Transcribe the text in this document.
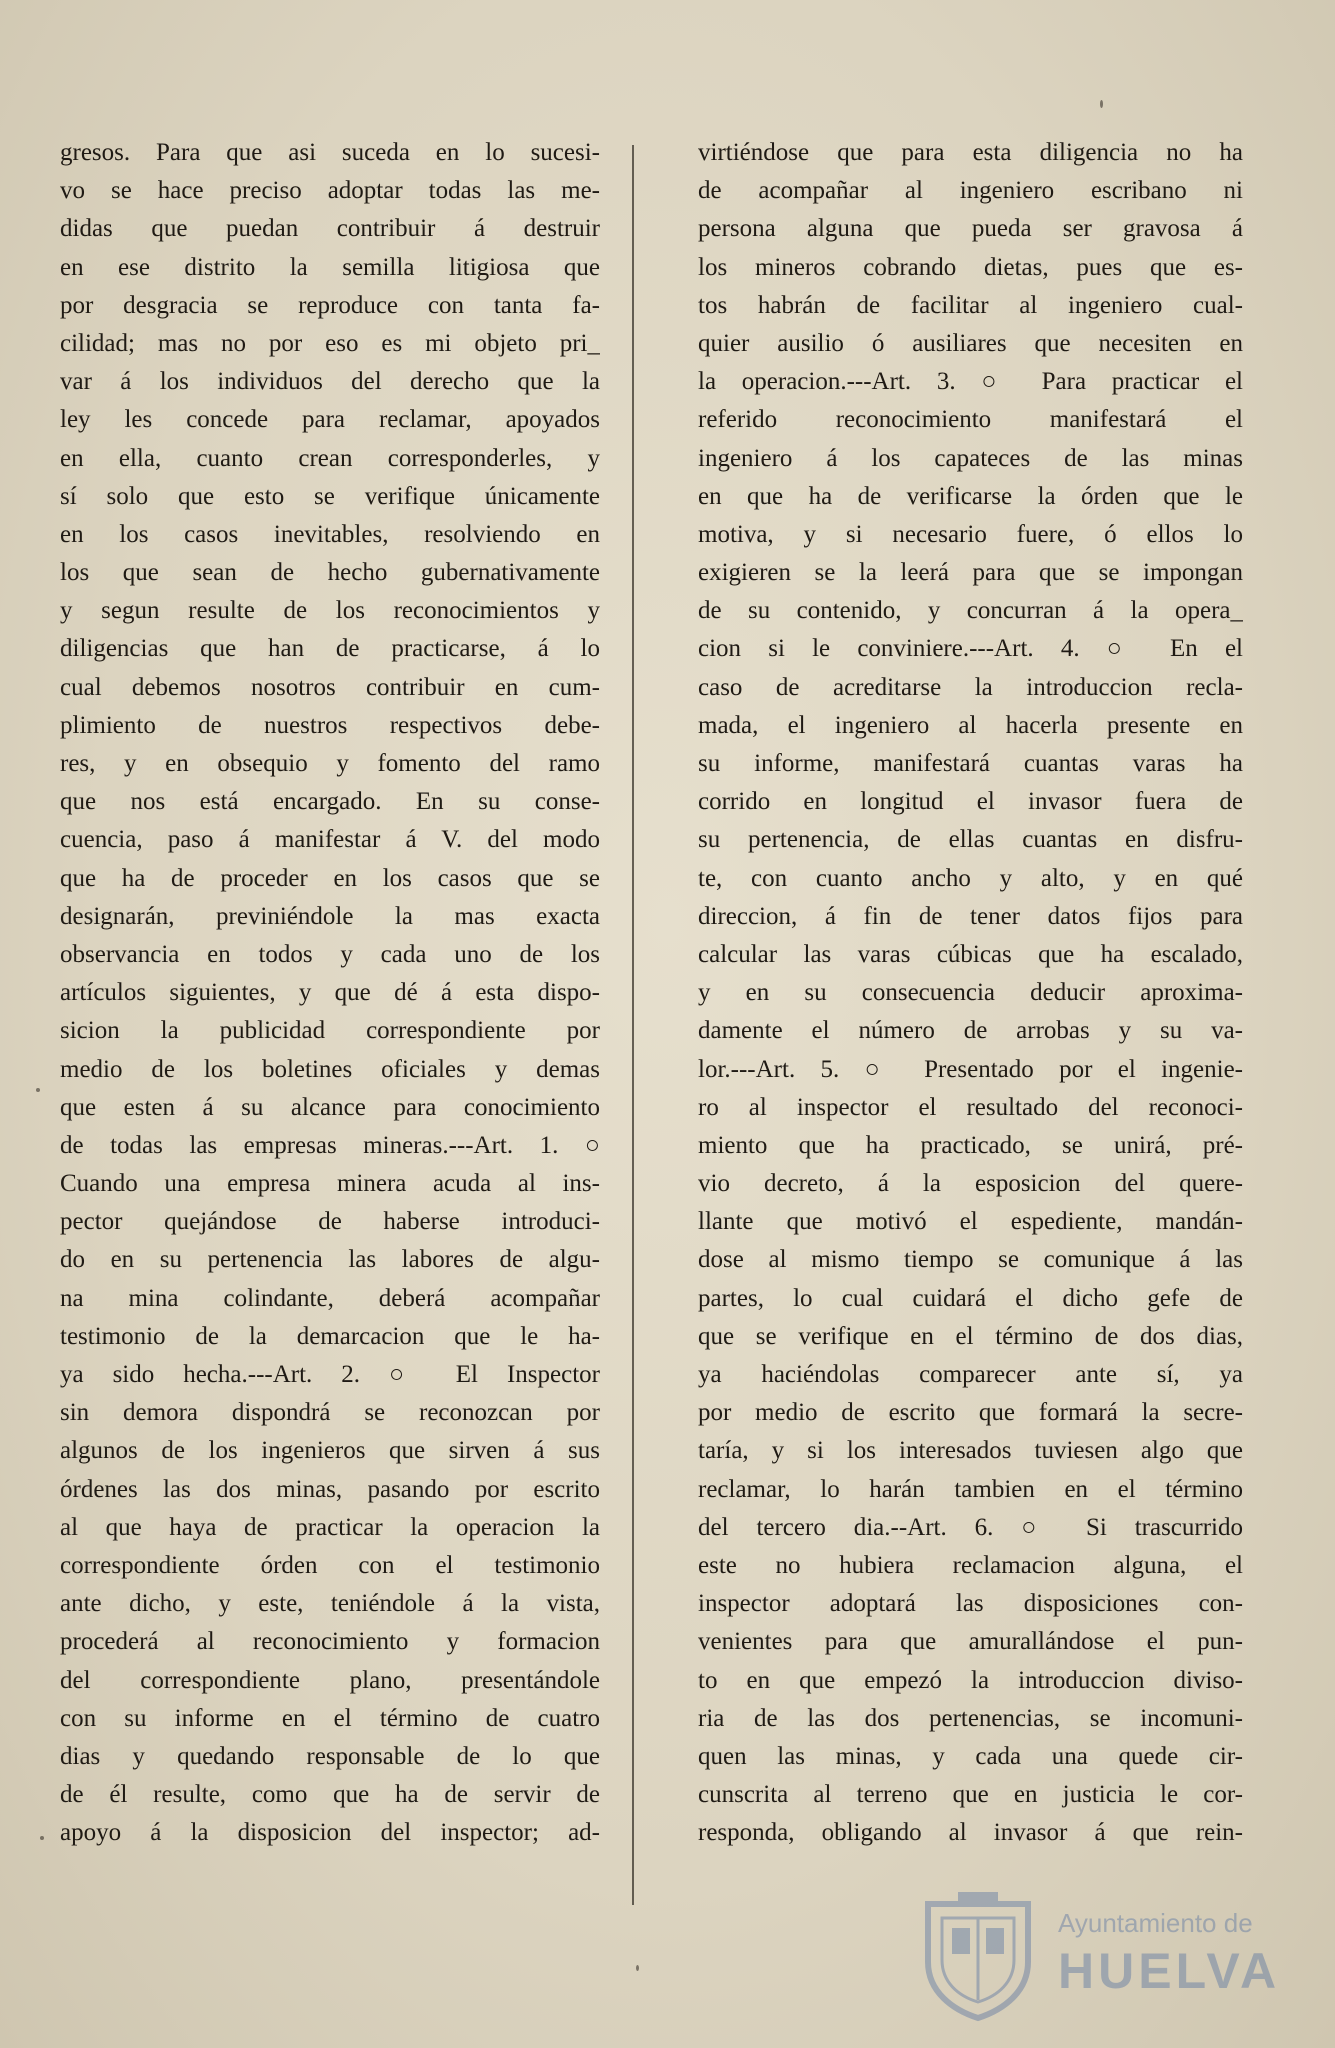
gresos. Para que asi suceda en lo sucesi-
vo se hace preciso adoptar todas las me-
didas que puedan contribuir á destruir
en ese distrito la semilla litigiosa que
por desgracia se reproduce con tanta fa-
cilidad; mas no por eso es mi objeto pri_
var á los individuos del derecho que la
ley les concede para reclamar, apoyados
en ella, cuanto crean corresponderles, y
sí solo que esto se verifique únicamente
en los casos inevitables, resolviendo en
los que sean de hecho gubernativamente
y segun resulte de los reconocimientos y
diligencias que han de practicarse, á lo
cual debemos nosotros contribuir en cum-
plimiento de nuestros respectivos debe-
res, y en obsequio y fomento del ramo
que nos está encargado. En su conse-
cuencia, paso á manifestar á V. del modo
que ha de proceder en los casos que se
designarán, previniéndole la mas exacta
observancia en todos y cada uno de los
artículos siguientes, y que dé á esta dispo-
sicion la publicidad correspondiente por
medio de los boletines oficiales y demas
que esten á su alcance para conocimiento
de todas las empresas mineras.---Art. 1. ○
Cuando una empresa minera acuda al ins-
pector quejándose de haberse introduci-
do en su pertenencia las labores de algu-
na mina colindante, deberá acompañar
testimonio de la demarcacion que le ha-
ya sido hecha.---Art. 2. ○ El Inspector
sin demora dispondrá se reconozcan por
algunos de los ingenieros que sirven á sus
órdenes las dos minas, pasando por escrito
al que haya de practicar la operacion la
correspondiente órden con el testimonio
ante dicho, y este, teniéndole á la vista,
procederá al reconocimiento y formacion
del correspondiente plano, presentándole
con su informe en el término de cuatro
dias y quedando responsable de lo que
de él resulte, como que ha de servir de
apoyo á la disposicion del inspector; ad-
virtiéndose que para esta diligencia no ha
de acompañar al ingeniero escribano ni
persona alguna que pueda ser gravosa á
los mineros cobrando dietas, pues que es-
tos habrán de facilitar al ingeniero cual-
quier ausilio ó ausiliares que necesiten en
la operacion.---Art. 3. ○ Para practicar el
referido reconocimiento manifestará el
ingeniero á los capateces de las minas
en que ha de verificarse la órden que le
motiva, y si necesario fuere, ó ellos lo
exigieren se la leerá para que se impongan
de su contenido, y concurran á la opera_
cion si le conviniere.---Art. 4. ○ En el
caso de acreditarse la introduccion recla-
mada, el ingeniero al hacerla presente en
su informe, manifestará cuantas varas ha
corrido en longitud el invasor fuera de
su pertenencia, de ellas cuantas en disfru-
te, con cuanto ancho y alto, y en qué
direccion, á fin de tener datos fijos para
calcular las varas cúbicas que ha escalado,
y en su consecuencia deducir aproxima-
damente el número de arrobas y su va-
lor.---Art. 5. ○ Presentado por el ingenie-
ro al inspector el resultado del reconoci-
miento que ha practicado, se unirá, pré-
vio decreto, á la esposicion del quere-
llante que motivó el espediente, mandán-
dose al mismo tiempo se comunique á las
partes, lo cual cuidará el dicho gefe de
que se verifique en el término de dos dias,
ya haciéndolas comparecer ante sí, ya
por medio de escrito que formará la secre-
taría, y si los interesados tuviesen algo que
reclamar, lo harán tambien en el término
del tercero dia.--Art. 6. ○ Si trascurrido
este no hubiera reclamacion alguna, el
inspector adoptará las disposiciones con-
venientes para que amurallándose el pun-
to en que empezó la introduccion diviso-
ria de las dos pertenencias, se incomuni-
quen las minas, y cada una quede cir-
cunscrita al terreno que en justicia le cor-
responda, obligando al invasor á que rein-
Ayuntamiento de
HUELVA
